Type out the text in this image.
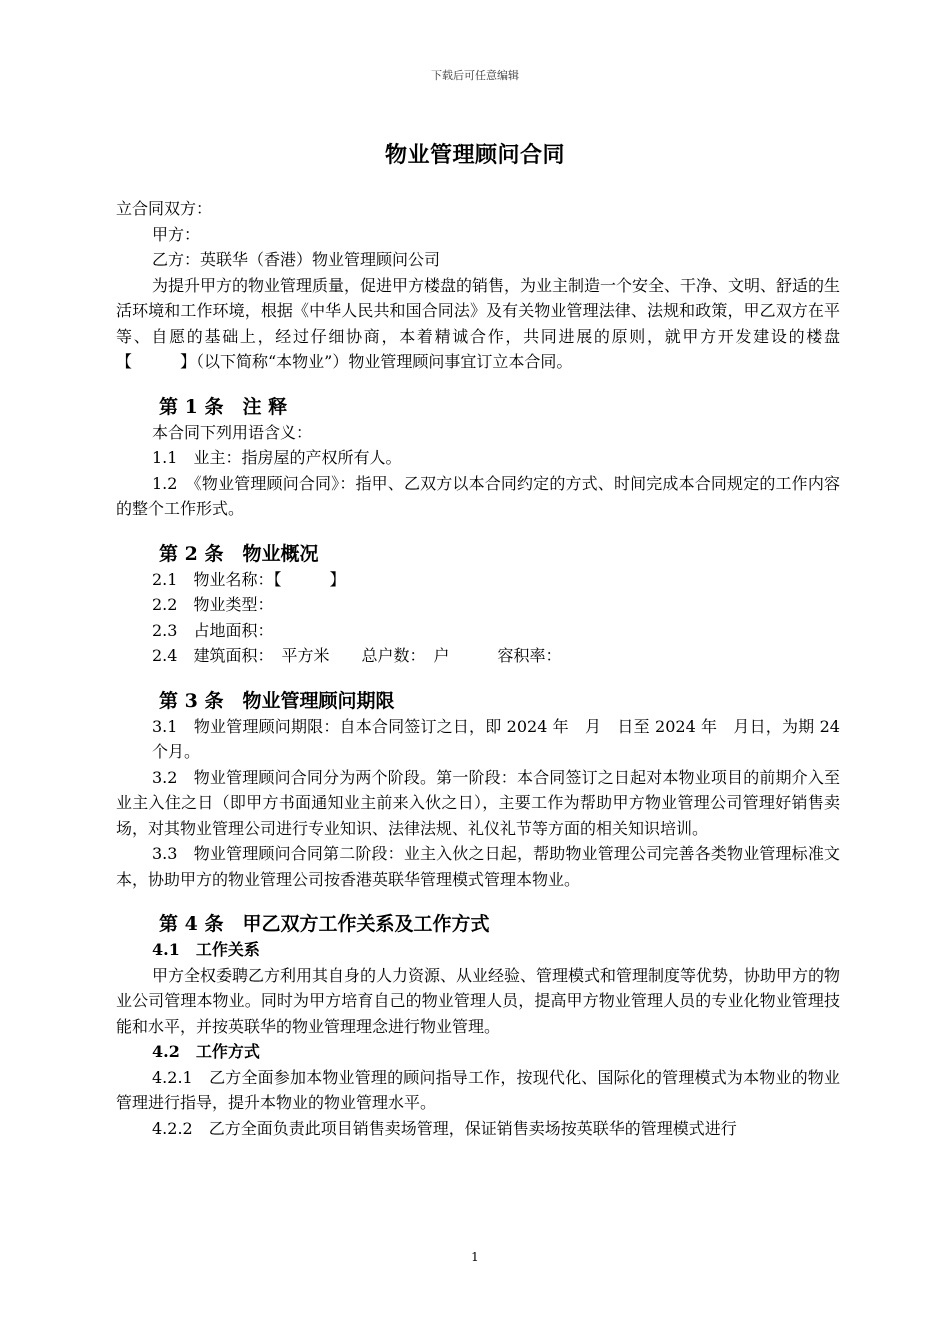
下载后可任意编辑
物业管理顾问合同

立合同双方：

甲方：

乙方：英联华（香港）物业管理顾问公司

为提升甲方的物业管理质量，促进甲方楼盘的销售，为业主制造一个安全、干净、文明、舒适的生活环境和工作环境，根据《中华人民共和国合同法》及有关物业管理法律、法规和政策，甲乙双方在平等、自愿的基础上，经过仔细协商，本着精诚合作，共同进展的原则，就甲方开发建设的楼盘【　　　】（以下简称“本物业”）物业管理顾问事宜订立本合同。

第 1 条　注 释

本合同下列用语含义：

1.1　业主：指房屋的产权所有人。

1.2　《物业管理顾问合同》：指甲、乙双方以本合同约定的方式、时间完成本合同规定的工作内容的整个工作形式。

第 2 条　物业概况

2.1　物业名称：【　　　】

2.2　物业类型：

2.3　占地面积：

2.4　建筑面积：　平方米　　总户数：　户　　　容积率：

第 3 条　物业管理顾问期限

3.1　物业管理顾问期限：自本合同签订之日，即 2024 年　月　日至 2024 年　月日，为期 24 个月。

3.2　物业管理顾问合同分为两个阶段。第一阶段：本合同签订之日起对本物业项目的前期介入至业主入住之日（即甲方书面通知业主前来入伙之日），主要工作为帮助甲方物业管理公司管理好销售卖场，对其物业管理公司进行专业知识、法律法规、礼仪礼节等方面的相关知识培训。

3.3　物业管理顾问合同第二阶段：业主入伙之日起，帮助物业管理公司完善各类物业管理标准文本，协助甲方的物业管理公司按香港英联华管理模式管理本物业。

第 4 条　甲乙双方工作关系及工作方式
4.1　工作关系

甲方全权委聘乙方利用其自身的人力资源、从业经验、管理模式和管理制度等优势，协助甲方的物业公司管理本物业。同时为甲方培育自己的物业管理人员，提高甲方物业管理人员的专业化物业管理技能和水平，并按英联华的物业管理理念进行物业管理。

4.2　工作方式

4.2.1　乙方全面参加本物业管理的顾问指导工作，按现代化、国际化的管理模式为本物业的物业管理进行指导，提升本物业的物业管理水平。

4.2.2　乙方全面负责此项目销售卖场管理，保证销售卖场按英联华的管理模式进行

1
